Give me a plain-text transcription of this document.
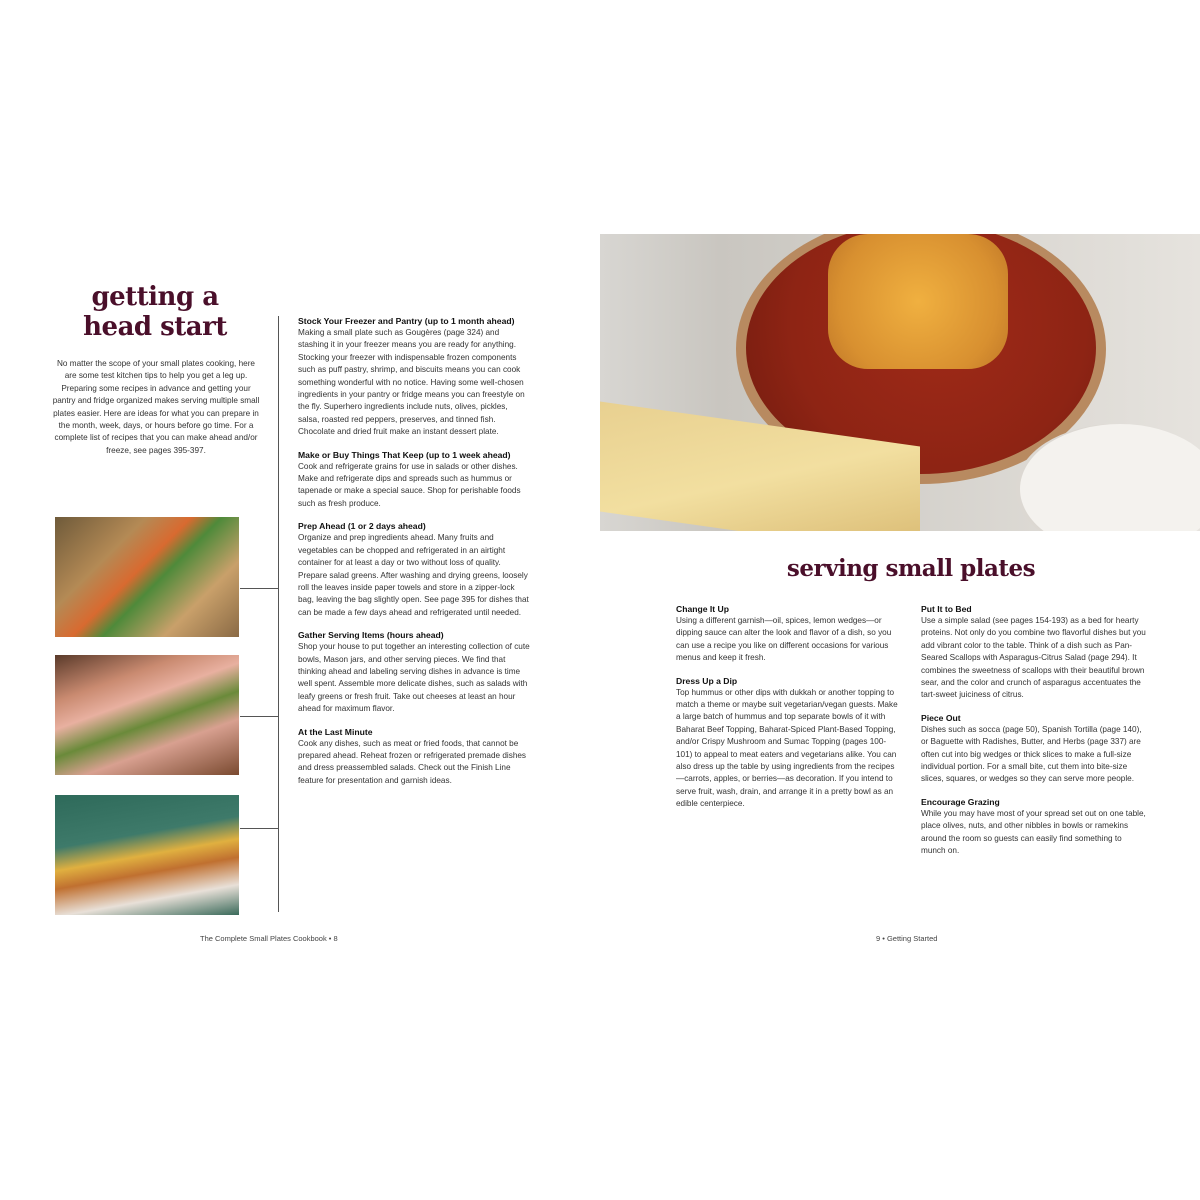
getting a
head start
No matter the scope of your small plates cooking, here are some test kitchen tips to help you get a leg up. Preparing some recipes in advance and getting your pantry and fridge organized makes serving multiple small plates easier. Here are ideas for what you can prepare in the month, week, days, or hours before go time. For a complete list of recipes that you can make ahead and/or freeze, see pages 395-397.
Stock Your Freezer and Pantry (up to 1 month ahead)

Making a small plate such as Gougères (page 324) and stashing it in your freezer means you are ready for anything. Stocking your freezer with indispensable frozen components such as puff pastry, shrimp, and biscuits means you can cook something wonderful with no notice. Having some well-chosen ingredients in your pantry or fridge means you can freestyle on the fly. Superhero ingredients include nuts, olives, pickles, salsa, roasted red peppers, preserves, and tinned fish. Chocolate and dried fruit make an instant dessert plate.

Make or Buy Things That Keep (up to 1 week ahead)

Cook and refrigerate grains for use in salads or other dishes. Make and refrigerate dips and spreads such as hummus or tapenade or make a special sauce. Shop for perishable foods such as fresh produce.

Prep Ahead (1 or 2 days ahead)

Organize and prep ingredients ahead. Many fruits and vegetables can be chopped and refrigerated in an airtight container for at least a day or two without loss of quality. Prepare salad greens. After washing and drying greens, loosely roll the leaves inside paper towels and store in a zipper-lock bag, leaving the bag slightly open. See page 395 for dishes that can be made a few days ahead and refrigerated until needed.

Gather Serving Items (hours ahead)

Shop your house to put together an interesting collection of cute bowls, Mason jars, and other serving pieces. We find that thinking ahead and labeling serving dishes in advance is time well spent. Assemble more delicate dishes, such as salads with leafy greens or fresh fruit. Take out cheeses at least an hour ahead for maximum flavor.

At the Last Minute

Cook any dishes, such as meat or fried foods, that cannot be prepared ahead. Reheat frozen or refrigerated premade dishes and dress preassembled salads. Check out the Finish Line feature for presentation and garnish ideas.

The Complete Small Plates Cookbook • 8
serving small plates
Change It Up

Using a different garnish—oil, spices, lemon wedges—or dipping sauce can alter the look and flavor of a dish, so you can use a recipe you like on different occasions for various menus and keep it fresh.

Dress Up a Dip

Top hummus or other dips with dukkah or another topping to match a theme or maybe suit vegetarian/vegan guests. Make a large batch of hummus and top separate bowls of it with Baharat Beef Topping, Baharat-Spiced Plant-Based Topping, and/or Crispy Mushroom and Sumac Topping (pages 100-101) to appeal to meat eaters and vegetarians alike. You can also dress up the table by using ingredients from the recipes—carrots, apples, or berries—as decoration. If you intend to serve fruit, wash, drain, and arrange it in a pretty bowl as an edible centerpiece.

Put It to Bed

Use a simple salad (see pages 154-193) as a bed for hearty proteins. Not only do you combine two flavorful dishes but you add vibrant color to the table. Think of a dish such as Pan-Seared Scallops with Asparagus-Citrus Salad (page 294). It combines the sweetness of scallops with their beautiful brown sear, and the color and crunch of asparagus accentuates the tart-sweet juiciness of citrus.

Piece Out

Dishes such as socca (page 50), Spanish Tortilla (page 140), or Baguette with Radishes, Butter, and Herbs (page 337) are often cut into big wedges or thick slices to make a full-size individual portion. For a small bite, cut them into bite-size slices, squares, or wedges so they can serve more people.

Encourage Grazing

While you may have most of your spread set out on one table, place olives, nuts, and other nibbles in bowls or ramekins around the room so guests can easily find something to munch on.

9 • Getting Started
